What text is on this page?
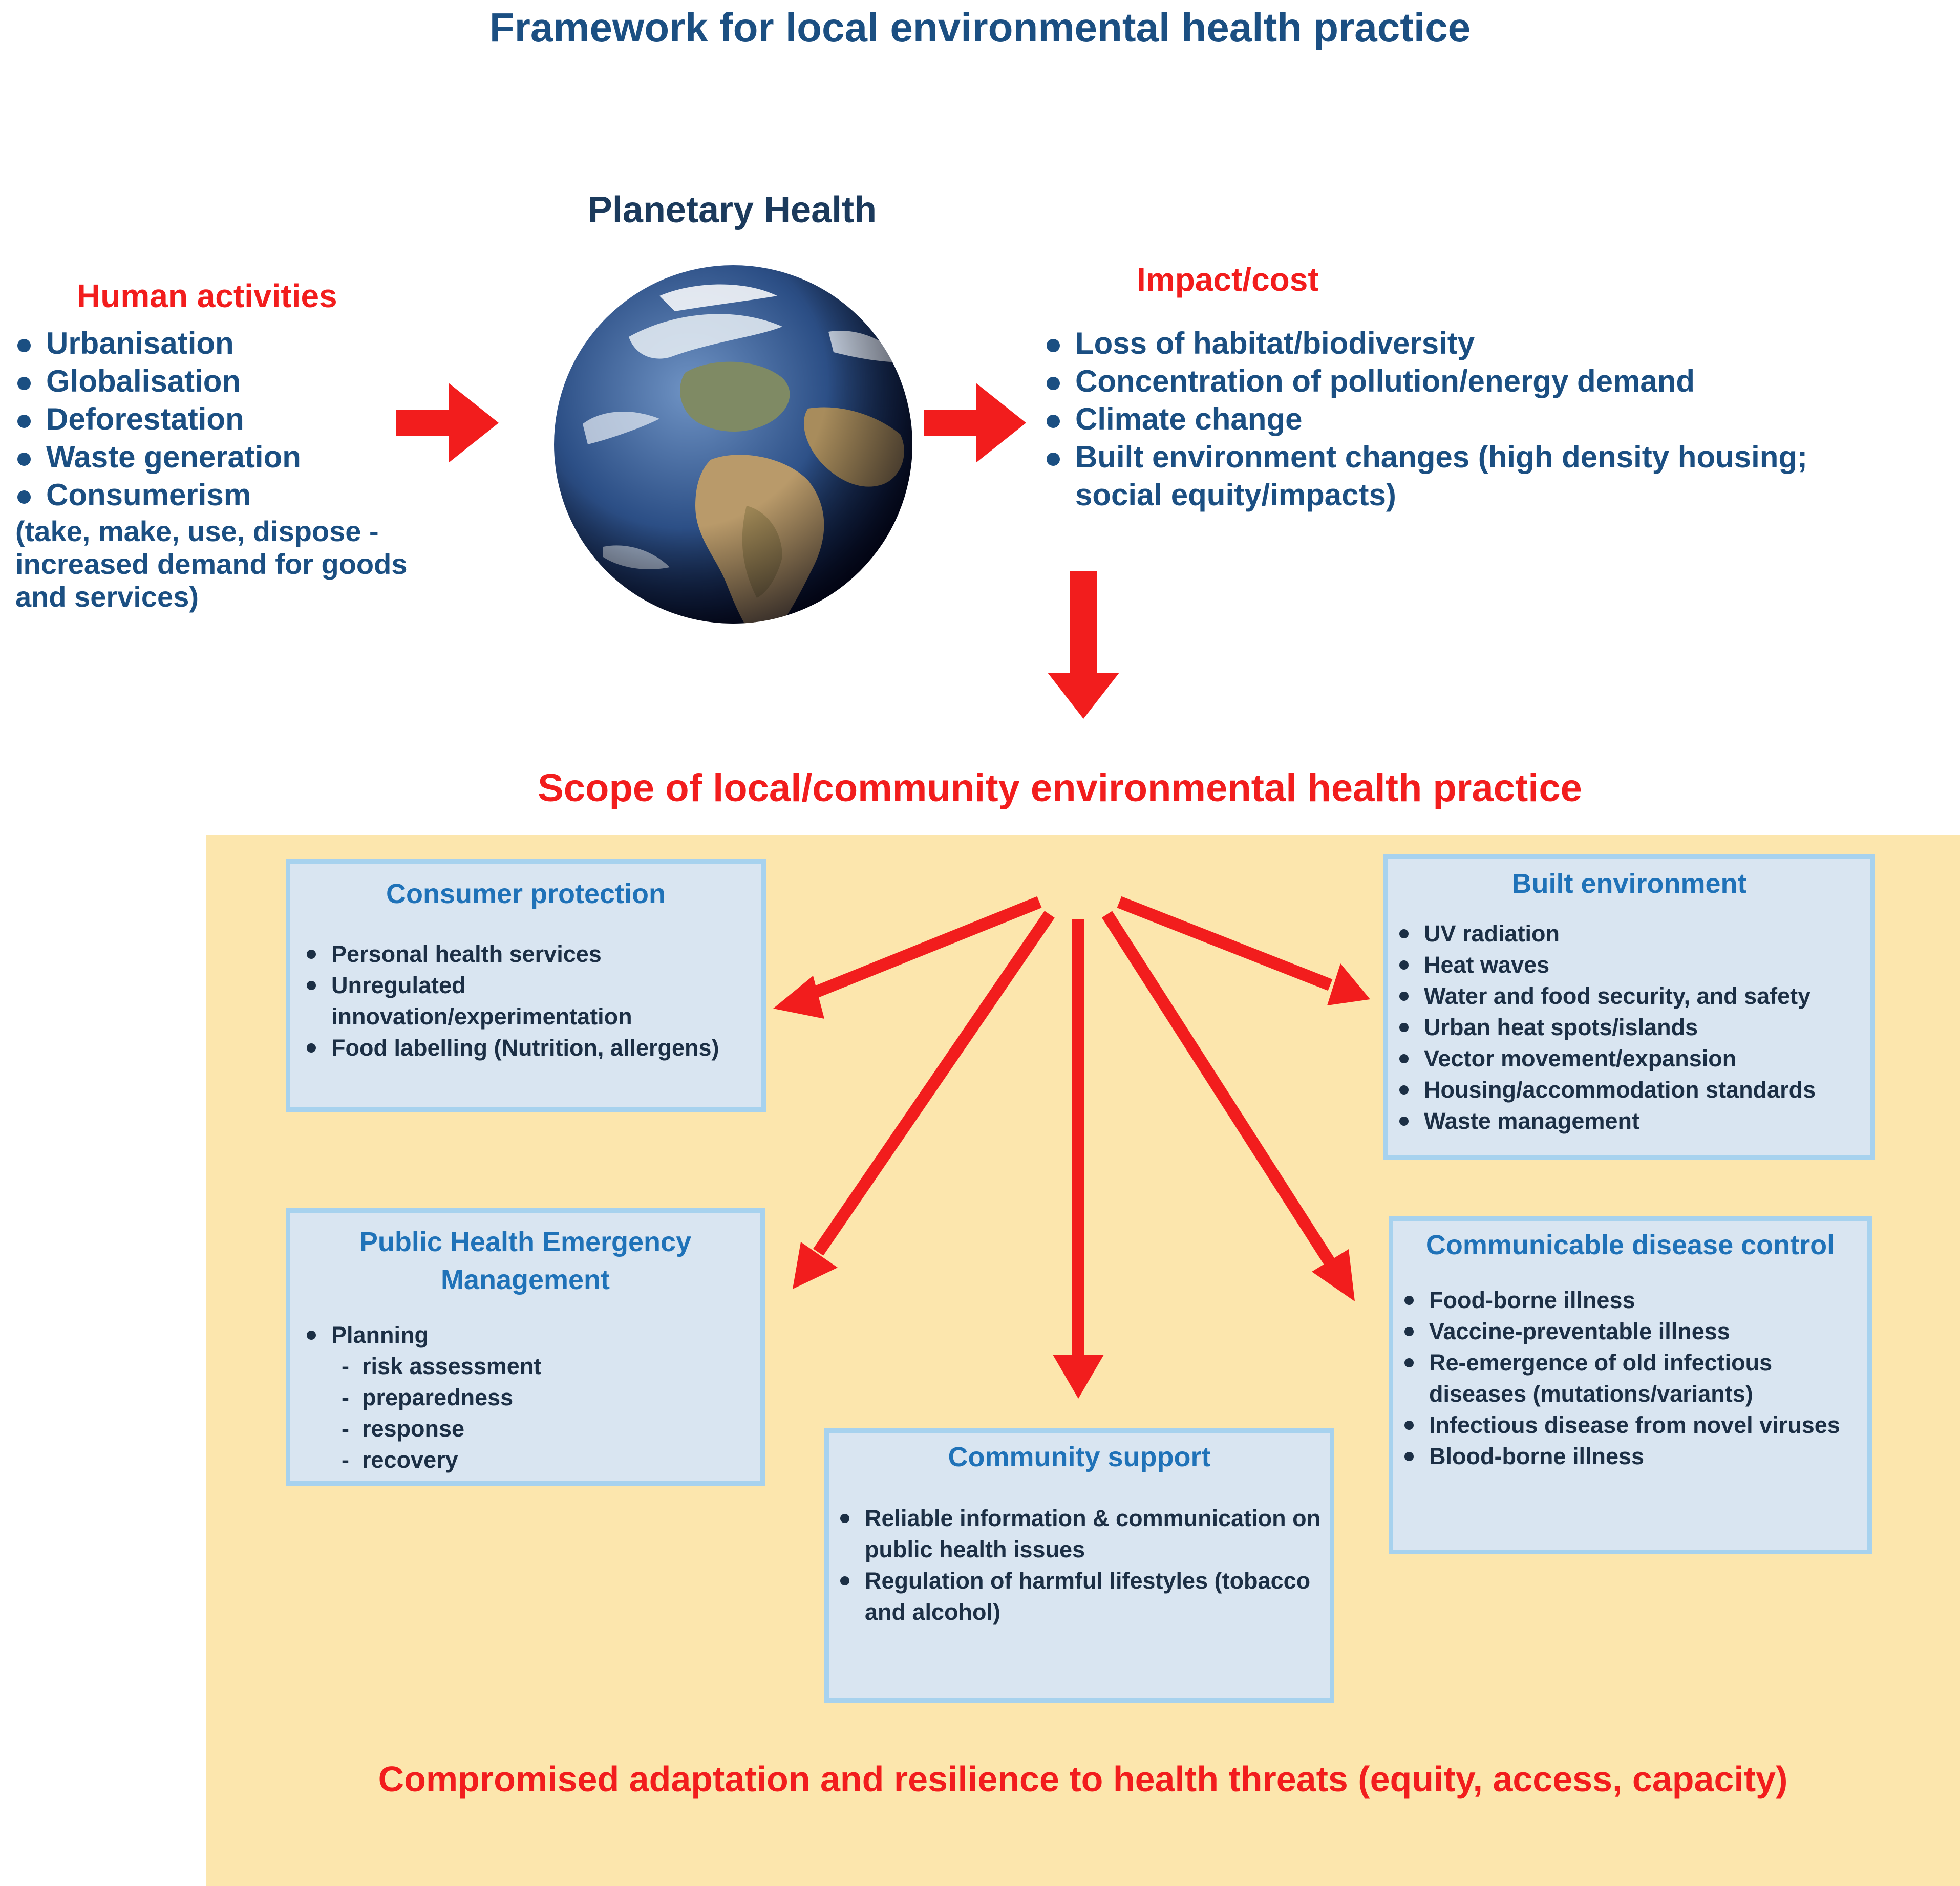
Framework for local environmental health practice
Human activities
Urbanisation
Globalisation
Deforestation
Waste generation
Consumerism
(take, make, use, dispose - increased demand for goods and services)
Planetary Health
Impact/cost
Loss of habitat/biodiversity
Concentration of pollution/energy demand
Climate change
Built environment changes (high density housing; social equity/impacts)
Scope of local/community environmental health practice
Consumer protection
Personal health services
Unregulated innovation/experimentation
Food labelling (Nutrition, allergens)
Built environment
UV radiation
Heat waves
Water and food security, and safety
Urban heat spots/islands
Vector movement/expansion
Housing/accommodation standards
Waste management
Public Health Emergency Management
Planning
- risk assessment
- preparedness
- response
- recovery
Communicable disease control
Food-borne illness
Vaccine-preventable illness
Re-emergence of old infectious diseases (mutations/variants)
Infectious disease from novel viruses
Blood-borne illness
Community support
Reliable information & communication on public health issues
Regulation of harmful lifestyles (tobacco and alcohol)
Compromised adaptation and resilience to health threats (equity, access, capacity)
